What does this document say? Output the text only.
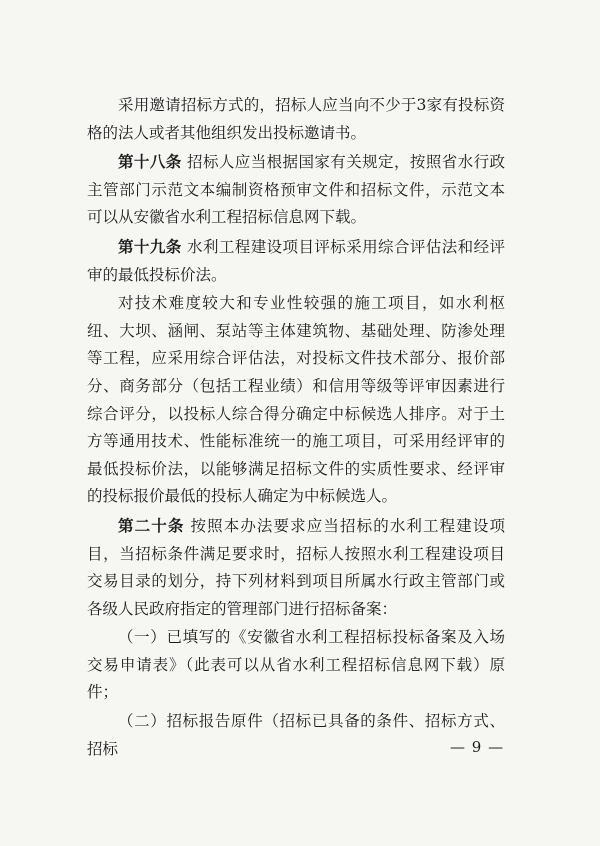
采用邀请招标方式的，招标人应当向不少于3家有投标资格的法人或者其他组织发出投标邀请书。

第十八条 招标人应当根据国家有关规定，按照省水行政主管部门示范文本编制资格预审文件和招标文件，示范文本可以从安徽省水利工程招标信息网下载。

第十九条 水利工程建设项目评标采用综合评估法和经评审的最低投标价法。

对技术难度较大和专业性较强的施工项目，如水利枢纽、大坝、涵闸、泵站等主体建筑物、基础处理、防渗处理等工程，应采用综合评估法，对投标文件技术部分、报价部分、商务部分（包括工程业绩）和信用等级等评审因素进行综合评分，以投标人综合得分确定中标候选人排序。对于土方等通用技术、性能标准统一的施工项目，可采用经评审的最低投标价法，以能够满足招标文件的实质性要求、经评审的投标报价最低的投标人确定为中标候选人。

第二十条 按照本办法要求应当招标的水利工程建设项目，当招标条件满足要求时，招标人按照水利工程建设项目交易目录的划分，持下列材料到项目所属水行政主管部门或各级人民政府指定的管理部门进行招标备案：

（一）已填写的《安徽省水利工程招标投标备案及入场交易申请表》（此表可以从省水利工程招标信息网下载）原件；

（二）招标报告原件（招标已具备的条件、招标方式、招标	— 9 —
